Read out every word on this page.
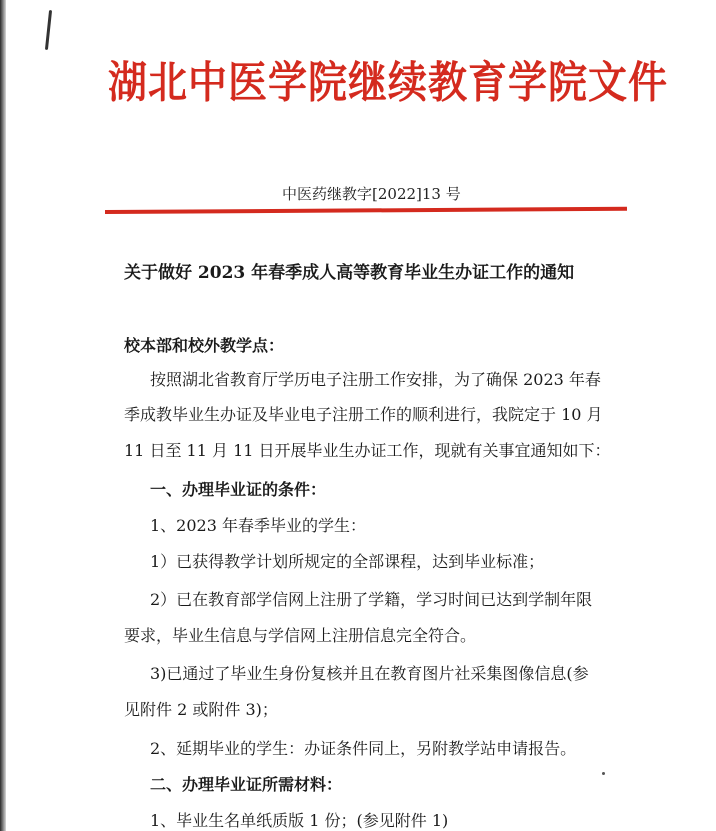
湖北中医学院继续教育学院文件
中医药继教字[2022]13 号
关于做好 2023 年春季成人高等教育毕业生办证工作的通知
校本部和校外教学点：
按照湖北省教育厅学历电子注册工作安排，为了确保 2023 年春
季成教毕业生办证及毕业电子注册工作的顺利进行，我院定于 10 月
11 日至 11 月 11 日开展毕业生办证工作，现就有关事宜通知如下：
一、办理毕业证的条件：
1、2023 年春季毕业的学生：
1）已获得教学计划所规定的全部课程，达到毕业标准；
2）已在教育部学信网上注册了学籍，学习时间已达到学制年限
要求，毕业生信息与学信网上注册信息完全符合。
3)已通过了毕业生身份复核并且在教育图片社采集图像信息(参
见附件 2 或附件 3)；
2、延期毕业的学生：办证条件同上，另附教学站申请报告。
二、办理毕业证所需材料：
1、毕业生名单纸质版 1 份；(参见附件 1)
